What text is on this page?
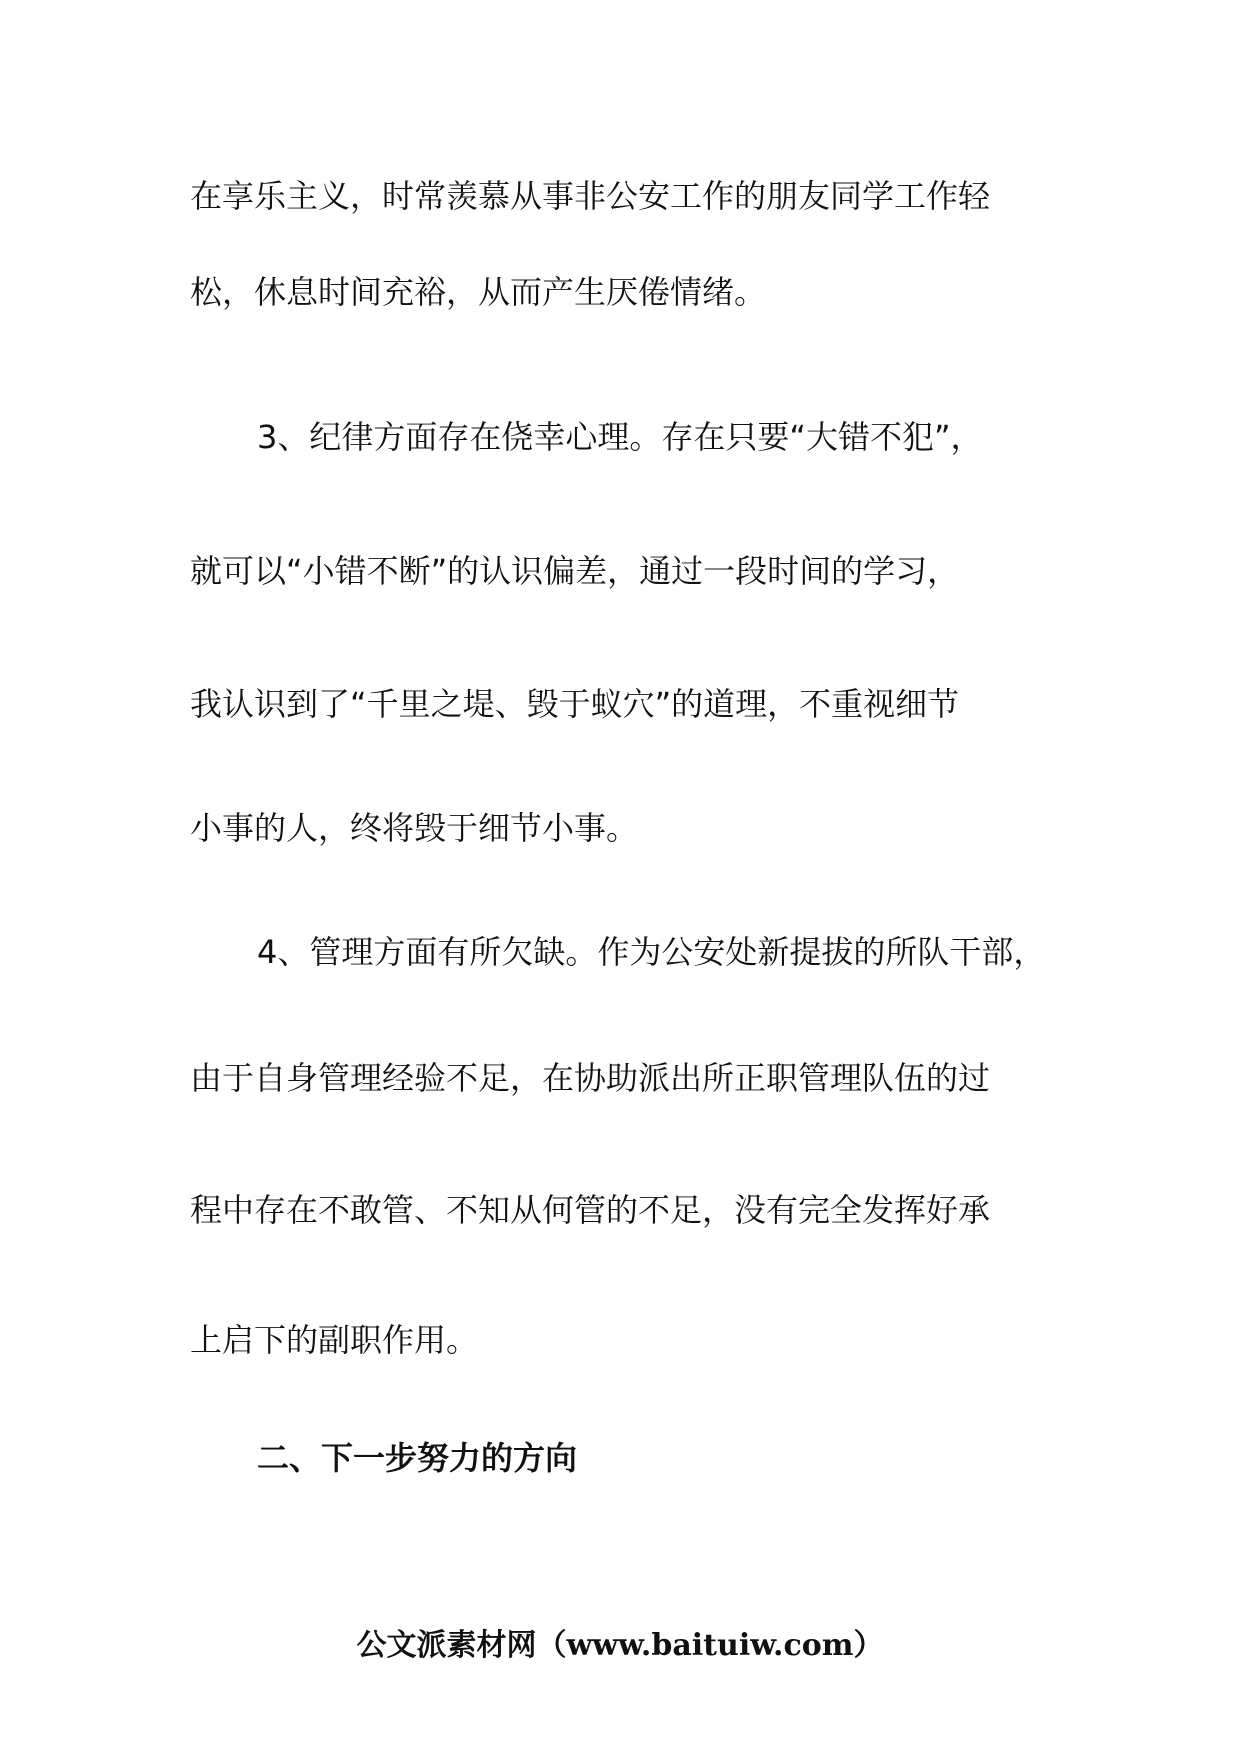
在享乐主义，时常羡慕从事非公安工作的朋友同学工作轻
松，休息时间充裕，从而产生厌倦情绪。
3、纪律方面存在侥幸心理。存在只要“大错不犯”，
就可以“小错不断”的认识偏差，通过一段时间的学习，
我认识到了“千里之堤、毁于蚁穴”的道理，不重视细节
小事的人，终将毁于细节小事。
4、管理方面有所欠缺。作为公安处新提拔的所队干部，
由于自身管理经验不足，在协助派出所正职管理队伍的过
程中存在不敢管、不知从何管的不足，没有完全发挥好承
上启下的副职作用。
二、下一步努力的方向
公文派素材网（www.baituiw.com）
